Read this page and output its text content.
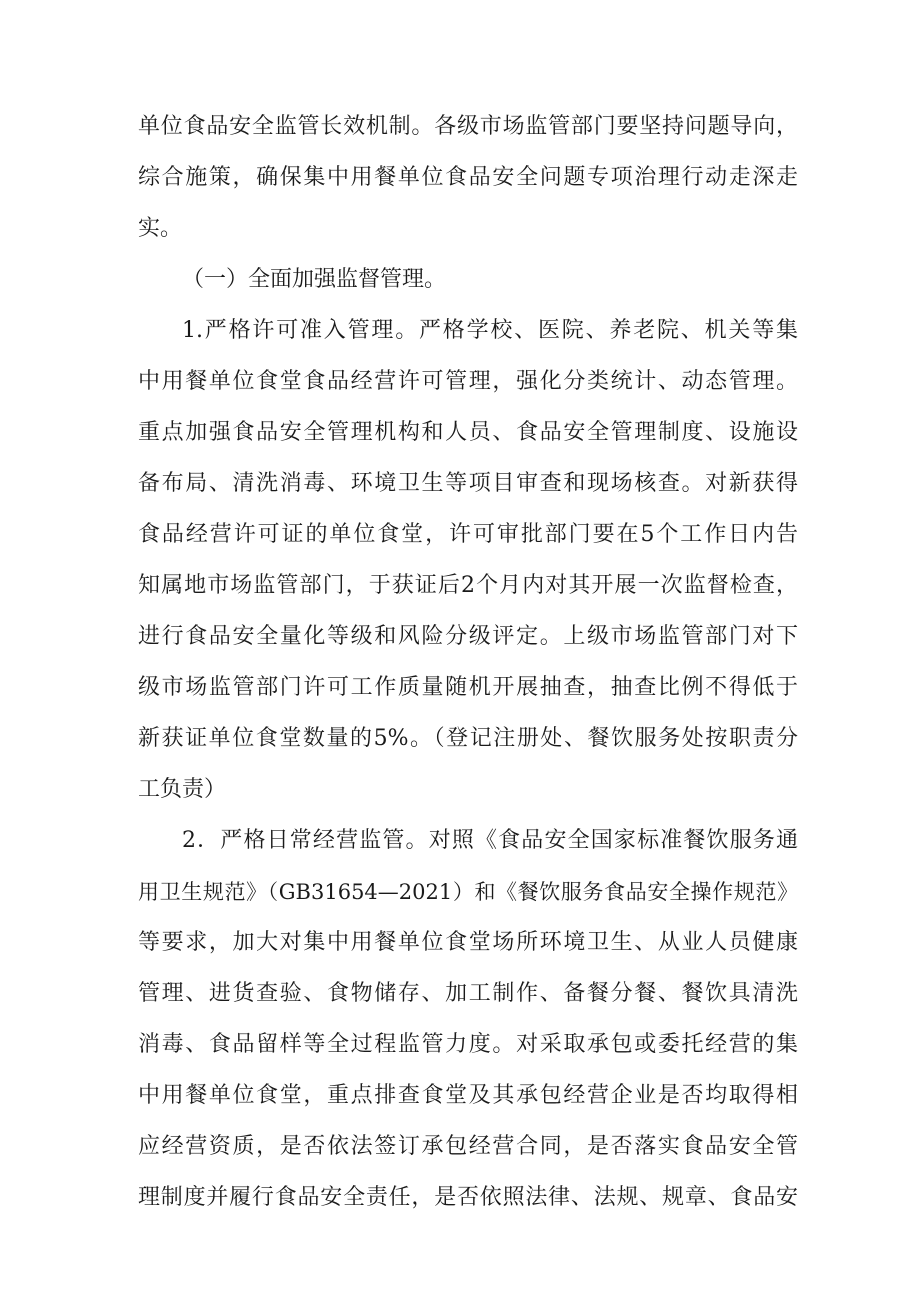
单位食品安全监管长效机制。各级市场监管部门要坚持问题导向，
综合施策，确保集中用餐单位食品安全问题专项治理行动走深走
实。
（一）全面加强监督管理。
1.严格许可准入管理。严格学校、医院、养老院、机关等集
中用餐单位食堂食品经营许可管理，强化分类统计、动态管理。
重点加强食品安全管理机构和人员、食品安全管理制度、设施设
备布局、清洗消毒、环境卫生等项目审查和现场核查。对新获得
食品经营许可证的单位食堂，许可审批部门要在5个工作日内告
知属地市场监管部门，于获证后2个月内对其开展一次监督检查，
进行食品安全量化等级和风险分级评定。上级市场监管部门对下
级市场监管部门许可工作质量随机开展抽查，抽查比例不得低于
新获证单位食堂数量的5%。（登记注册处、餐饮服务处按职责分
工负责）
2．严格日常经营监管。对照《食品安全国家标准餐饮服务通
用卫生规范》（GB31654—2021）和《餐饮服务食品安全操作规范》
等要求，加大对集中用餐单位食堂场所环境卫生、从业人员健康
管理、进货查验、食物储存、加工制作、备餐分餐、餐饮具清洗
消毒、食品留样等全过程监管力度。对采取承包或委托经营的集
中用餐单位食堂，重点排查食堂及其承包经营企业是否均取得相
应经营资质，是否依法签订承包经营合同，是否落实食品安全管
理制度并履行食品安全责任，是否依照法律、法规、规章、食品安
